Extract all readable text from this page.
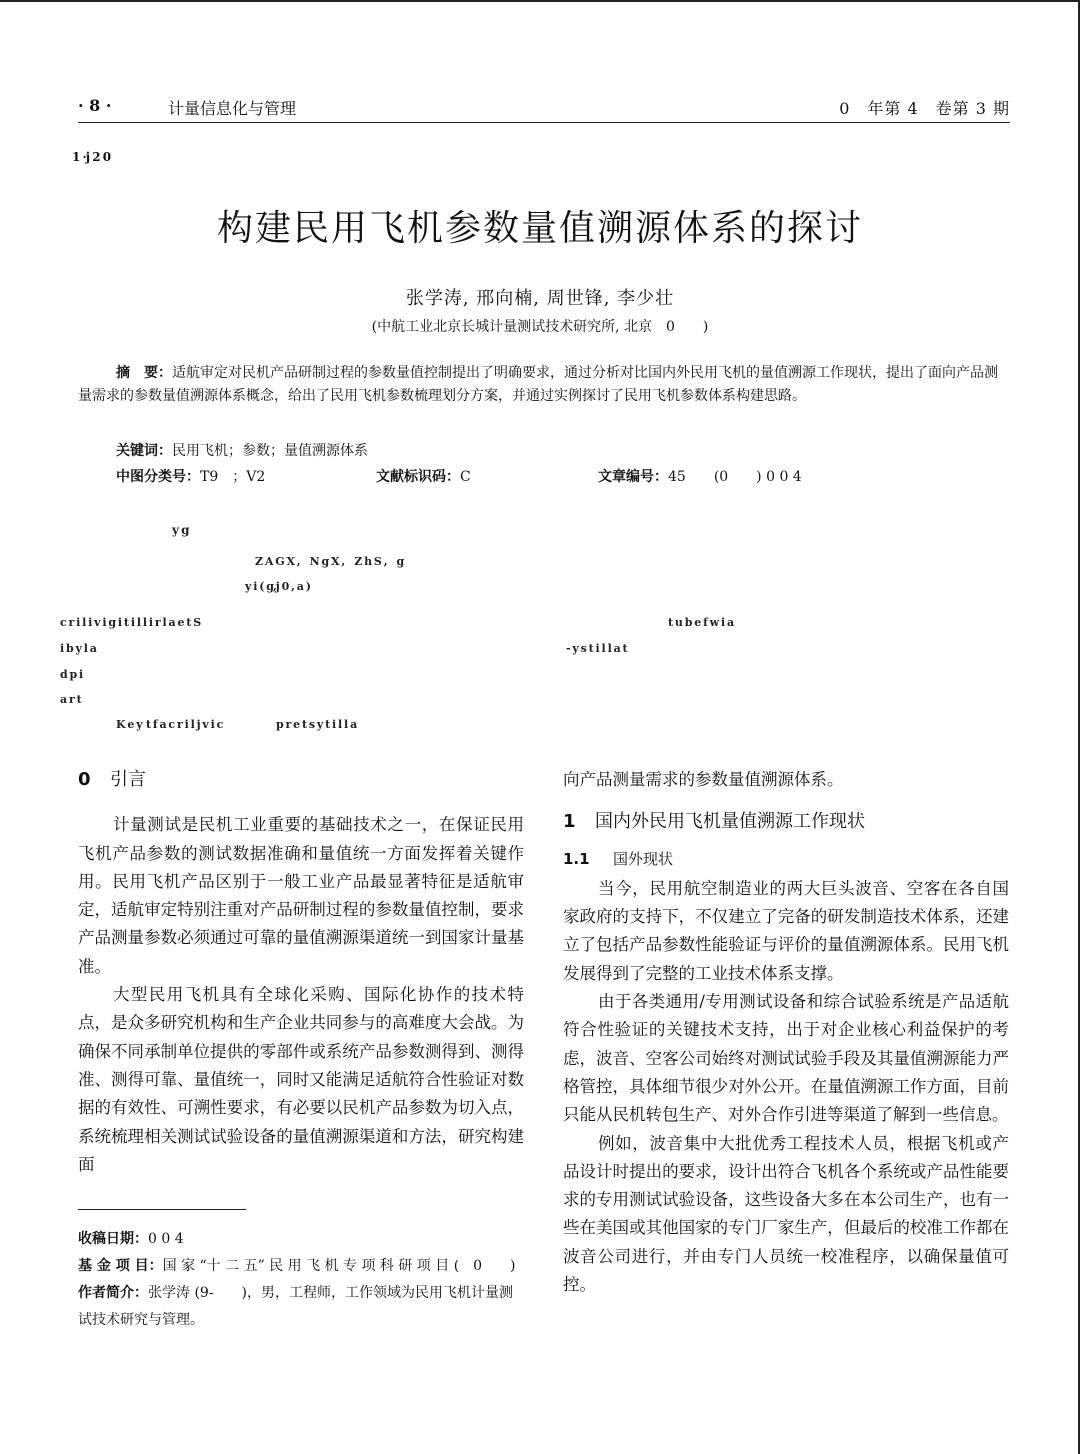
· 8 ·	计量信息化与管理	0　年第 4　卷第 3 期
1 ·j 2 0
构建民用飞机参数量值溯源体系的探讨
张学涛, 邢向楠, 周世锋, 李少壮
(中航工业北京长城计量测试技术研究所, 北京　0　　)

摘　要：适航审定对民机产品研制过程的参数量值控制提出了明确要求，通过分析对比国内外民用飞机的量值溯源工作现状，提出了面向产品测量需求的参数量值溯源体系概念，给出了民用飞机参数梳理划分方案，并通过实例探讨了民用飞机参数体系构建思路。

关键词：民用飞机；参数；量值溯源体系
中图分类号：T9　；V2	文献标识码：C	文章编号：45　　(0　　) 0 0 4
y g
Z A G X ,　N g X ,　Z h S ,　g
y i ( g,j 0 , a )
c r i l i v i g i t i l l i r l a e t S	t u b e f w i a
i b y l a	- y s t i l l a t
d p i
a r t
K e y t f a c r i l j v i c	p r e t s y t i l l a

0 引言

计量测试是民机工业重要的基础技术之一，在保证民用飞机产品参数的测试数据准确和量值统一方面发挥着关键作用。民用飞机产品区别于一般工业产品最显著特征是适航审定，适航审定特别注重对产品研制过程的参数量值控制，要求产品测量参数必须通过可靠的量值溯源渠道统一到国家计量基准。

大型民用飞机具有全球化采购、国际化协作的技术特点，是众多研究机构和生产企业共同参与的高难度大会战。为确保不同承制单位提供的零部件或系统产品参数测得到、测得准、测得可靠、量值统一，同时又能满足适航符合性验证对数据的有效性、可溯性要求，有必要以民机产品参数为切入点，系统梳理相关测试试验设备的量值溯源渠道和方法，研究构建面

收稿日期：0 0 4

基 金 项 目：国 家 “十 二 五” 民 用 飞 机 专 项 科 研 项 目 (　0　　)

作者简介：张学涛 (9-　　)，男，工程师，工作领域为民用飞机计量测试技术研究与管理。

向产品测量需求的参数量值溯源体系。

1 国内外民用飞机量值溯源工作现状

1.1 国外现状

当今，民用航空制造业的两大巨头波音、空客在各自国家政府的支持下，不仅建立了完备的研发制造技术体系，还建立了包括产品参数性能验证与评价的量值溯源体系。民用飞机发展得到了完整的工业技术体系支撑。

由于各类通用/专用测试设备和综合试验系统是产品适航符合性验证的关键技术支持，出于对企业核心利益保护的考虑，波音、空客公司始终对测试试验手段及其量值溯源能力严格管控，具体细节很少对外公开。在量值溯源工作方面，目前只能从民机转包生产、对外合作引进等渠道了解到一些信息。

例如，波音集中大批优秀工程技术人员，根据飞机或产品设计时提出的要求，设计出符合飞机各个系统或产品性能要求的专用测试试验设备，这些设备大多在本公司生产，也有一些在美国或其他国家的专门厂家生产，但最后的校准工作都在波音公司进行，并由专门人员统一校准程序，以确保量值可控。
